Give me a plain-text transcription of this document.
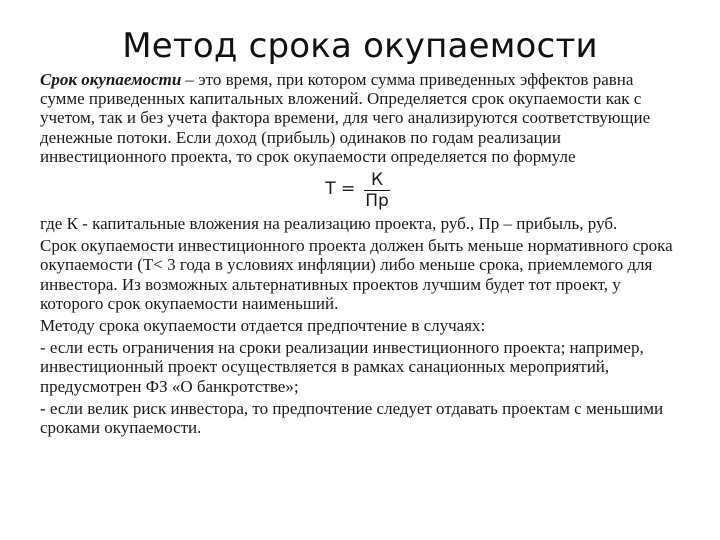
Метод срока окупаемости

Срок окупаемости – это время, при котором сумма приведенных эффектов равна сумме приведенных капитальных вложений. Определяется срок окупаемости как с учетом, так и без учета фактора времени, для чего анализируются соответствующие денежные потоки. Если доход (прибыль) одинаков по годам реализации инвестиционного проекта, то срок окупаемости определяется по формуле

$Т = \frac{К}{Пр}$

где К - капитальные вложения на реализацию проекта, руб., Пр – прибыль, руб.

Срок окупаемости инвестиционного проекта должен быть меньше нормативного срока окупаемости (Т< 3 года в условиях инфляции) либо меньше срока, приемлемого для инвестора. Из возможных альтернативных проектов лучшим будет тот проект, у которого срок окупаемости наименьший.

Методу срока окупаемости отдается предпочтение в случаях:

- если есть ограничения на сроки реализации инвестиционного проекта; например, инвестиционный проект осуществляется в рамках санационных мероприятий, предусмотрен ФЗ «О банкротстве»;

- если велик риск инвестора, то предпочтение следует отдавать проектам с меньшими сроками окупаемости.
